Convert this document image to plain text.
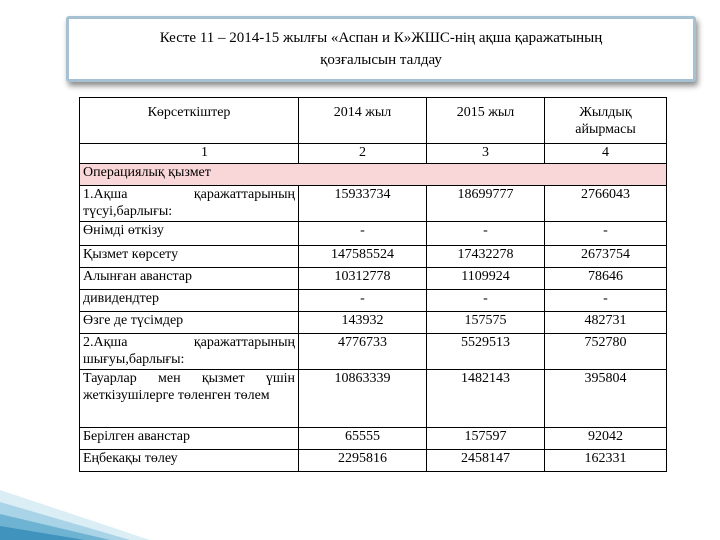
Кесте 11 – 2014-15 жылғы «Аспан и К»ЖШС-нің ақша қаражатының
қозғалысын талдау
Көрсеткіштер	2014 жыл	2015 жыл	Жылдық айырмасы
1	2	3	4
Операциялық қызмет			

1.Ақша қаражаттарының
түсуі,барлығы:	15933734	18699777	2766043
Өнімді өткізу	-	-	-
Қызмет көрсету	147585524	17432278	2673754
Алынған аванстар	10312778	1109924	78646
дивидендтер	-	-	-
Өзге де түсімдер	143932	157575	482731

2.Ақша қаражаттарының
шығуы,барлығы:	4776733	5529513	752780

Тауарлар мен қызмет үшін
жеткізушілерге төленген төлем	10863339	1482143	395804
Берілген аванстар	65555	157597	92042
Еңбекақы төлеу	2295816	2458147	162331
